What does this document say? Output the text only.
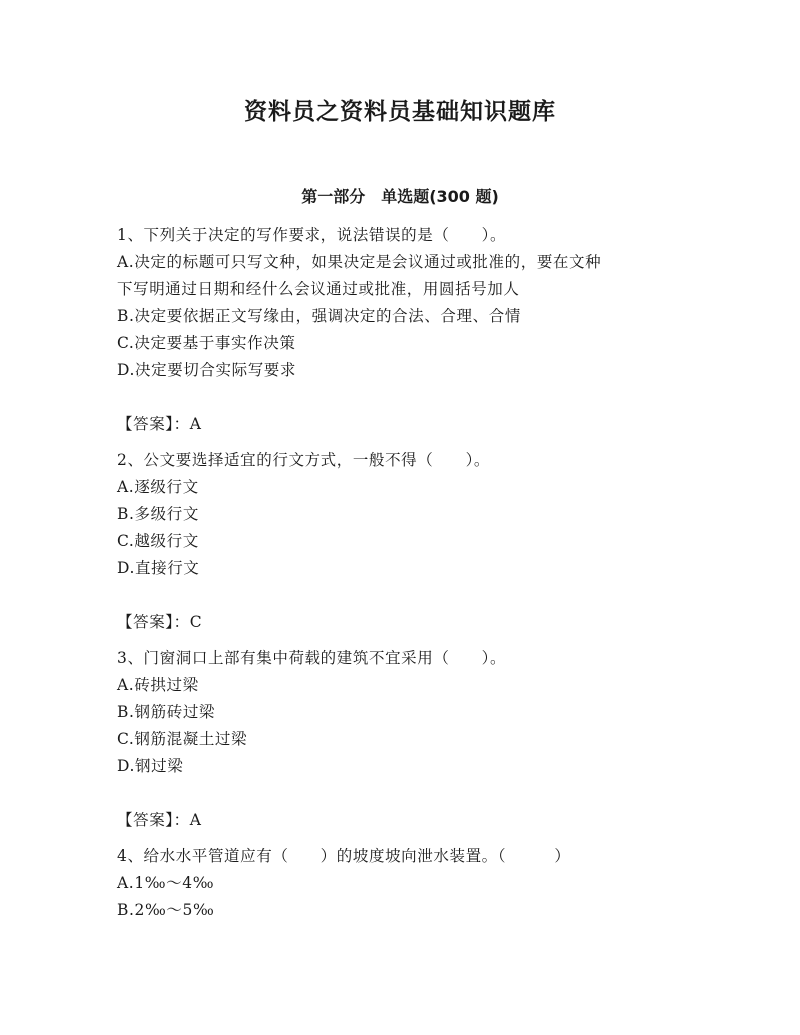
资料员之资料员基础知识题库
第一部分　单选题(300 题)

1、下列关于决定的写作要求，说法错误的是（　　）。

A.决定的标题可只写文种，如果决定是会议通过或批准的，要在文种

下写明通过日期和经什么会议通过或批准，用圆括号加人

B.决定要依据正文写缘由，强调决定的合法、合理、合情

C.决定要基于事实作决策

D.决定要切合实际写要求

【答案】：A

2、公文要选择适宜的行文方式，一般不得（　　）。

A.逐级行文

B.多级行文

C.越级行文

D.直接行文

【答案】：C

3、门窗洞口上部有集中荷载的建筑不宜采用（　　）。

A.砖拱过梁

B.钢筋砖过梁

C.钢筋混凝土过梁

D.钢过梁

【答案】：A

4、给水水平管道应有（　　）的坡度坡向泄水装置。（　　　）

A.1‰～4‰

B.2‰～5‰
